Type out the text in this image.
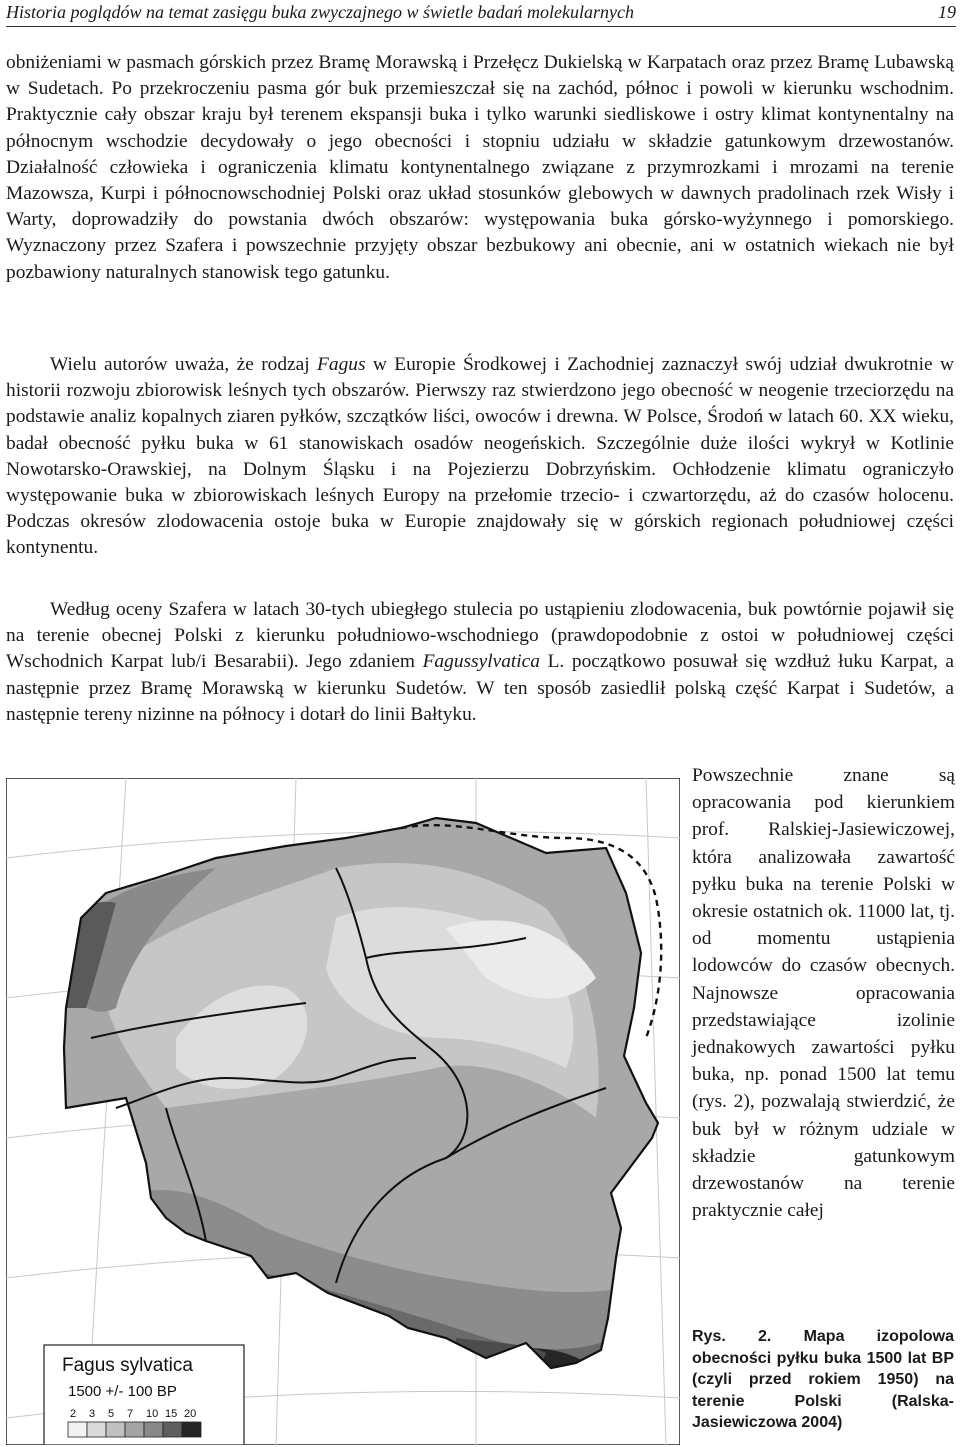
Historia poglądów na temat zasięgu buka zwyczajnego w świetle badań molekularnych	19

obniżeniami w pasmach górskich przez Bramę Morawską i Przełęcz Dukielską w Karpatach oraz przez Bramę Lubawską w Sudetach. Po przekroczeniu pasma gór buk przemieszczał się na zachód, północ i powoli w kierunku wschodnim. Praktycznie cały obszar kraju był terenem ekspansji buka i tylko warunki siedliskowe i ostry klimat kontynentalny na północnym wschodzie decydowały o jego obecności i stopniu udziału w składzie gatunkowym drzewostanów. Działalność człowieka i ograniczenia klimatu kontynentalnego związane z przymrozkami i mrozami na terenie Mazowsza, Kurpi i północnowschodniej Polski oraz układ stosunków glebowych w dawnych pradolinach rzek Wisły i Warty, doprowadziły do powstania dwóch obszarów: występowania buka górsko-wyżynnego i pomorskiego. Wyznaczony przez Szafera i powszechnie przyjęty obszar bezbukowy ani obecnie, ani w ostatnich wiekach nie był pozbawiony naturalnych stanowisk tego gatunku.

Wielu autorów uważa, że rodzaj Fagus w Europie Środkowej i Zachodniej zaznaczył swój udział dwukrotnie w historii rozwoju zbiorowisk leśnych tych obszarów. Pierwszy raz stwierdzono jego obecność w neogenie trzeciorzędu na podstawie analiz kopalnych ziaren pyłków, szczątków liści, owoców i drewna. W Polsce, Środoń w latach 60. XX wieku, badał obecność pyłku buka w 61 stanowiskach osadów neogeńskich. Szczególnie duże ilości wykrył w Kotlinie Nowotarsko-Orawskiej, na Dolnym Śląsku i na Pojezierzu Dobrzyńskim. Ochłodzenie klimatu ograniczyło występowanie buka w zbiorowiskach leśnych Europy na przełomie trzecio- i czwartorzędu, aż do czasów holocenu. Podczas okresów zlodowacenia ostoje buka w Europie znajdowały się w górskich regionach południowej części kontynentu.

Według oceny Szafera w latach 30-tych ubiegłego stulecia po ustąpieniu zlodowacenia, buk powtórnie pojawił się na terenie obecnej Polski z kierunku południowo-wschodniego (prawdopodobnie z ostoi w południowej części Wschodnich Karpat lub/i Besarabii). Jego zdaniem Fagussylvatica L. początkowo posuwał się wzdłuż łuku Karpat, a następnie przez Bramę Morawską w kierunku Sudetów. W ten sposób zasiedlił polską część Karpat i Sudetów, a następnie tereny nizinne na północy i dotarł do linii Bałtyku.

Fagus sylvatica
1500 +/- 100 BP
2 3 5 7 10 15 20

Powszechnie znane są opracowania pod kierunkiem prof. Ralskiej-Jasiewiczowej, która analizowała zawartość pyłku buka na terenie Polski w okresie ostatnich ok. 11000 lat, tj. od momentu ustąpienia lodowców do czasów obecnych. Najnowsze opracowania przedstawiające izolinie jednakowych zawartości pyłku buka, np. ponad 1500 lat temu (rys. 2), pozwalają stwierdzić, że buk był w różnym udziale w składzie gatunkowym drzewostanów na terenie praktycznie całej

Rys. 2. Mapa izopolowa obecności pyłku buka 1500 lat BP (czyli przed rokiem 1950) na terenie Polski (Ralska-Jasiewiczowa 2004)
